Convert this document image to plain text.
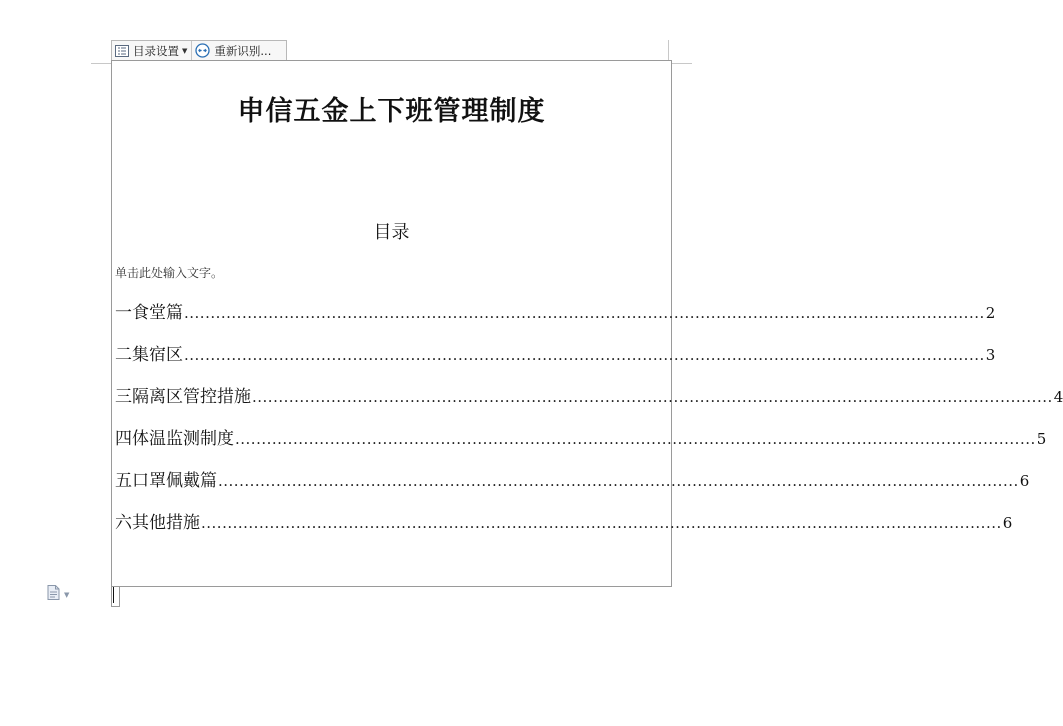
目录设置 ▼ 重新识别...
申信五金上下班管理制度
目录
单击此处输入文字。
一食堂篇 ........................................................................................................................................................ 2
二集宿区 ........................................................................................................................................................ 3
三隔离区管控措施 ........................................................................................................................................................ 4
四体温监测制度 ........................................................................................................................................................ 5
五口罩佩戴篇 ........................................................................................................................................................ 6
六其他措施 ........................................................................................................................................................ 6
▼
